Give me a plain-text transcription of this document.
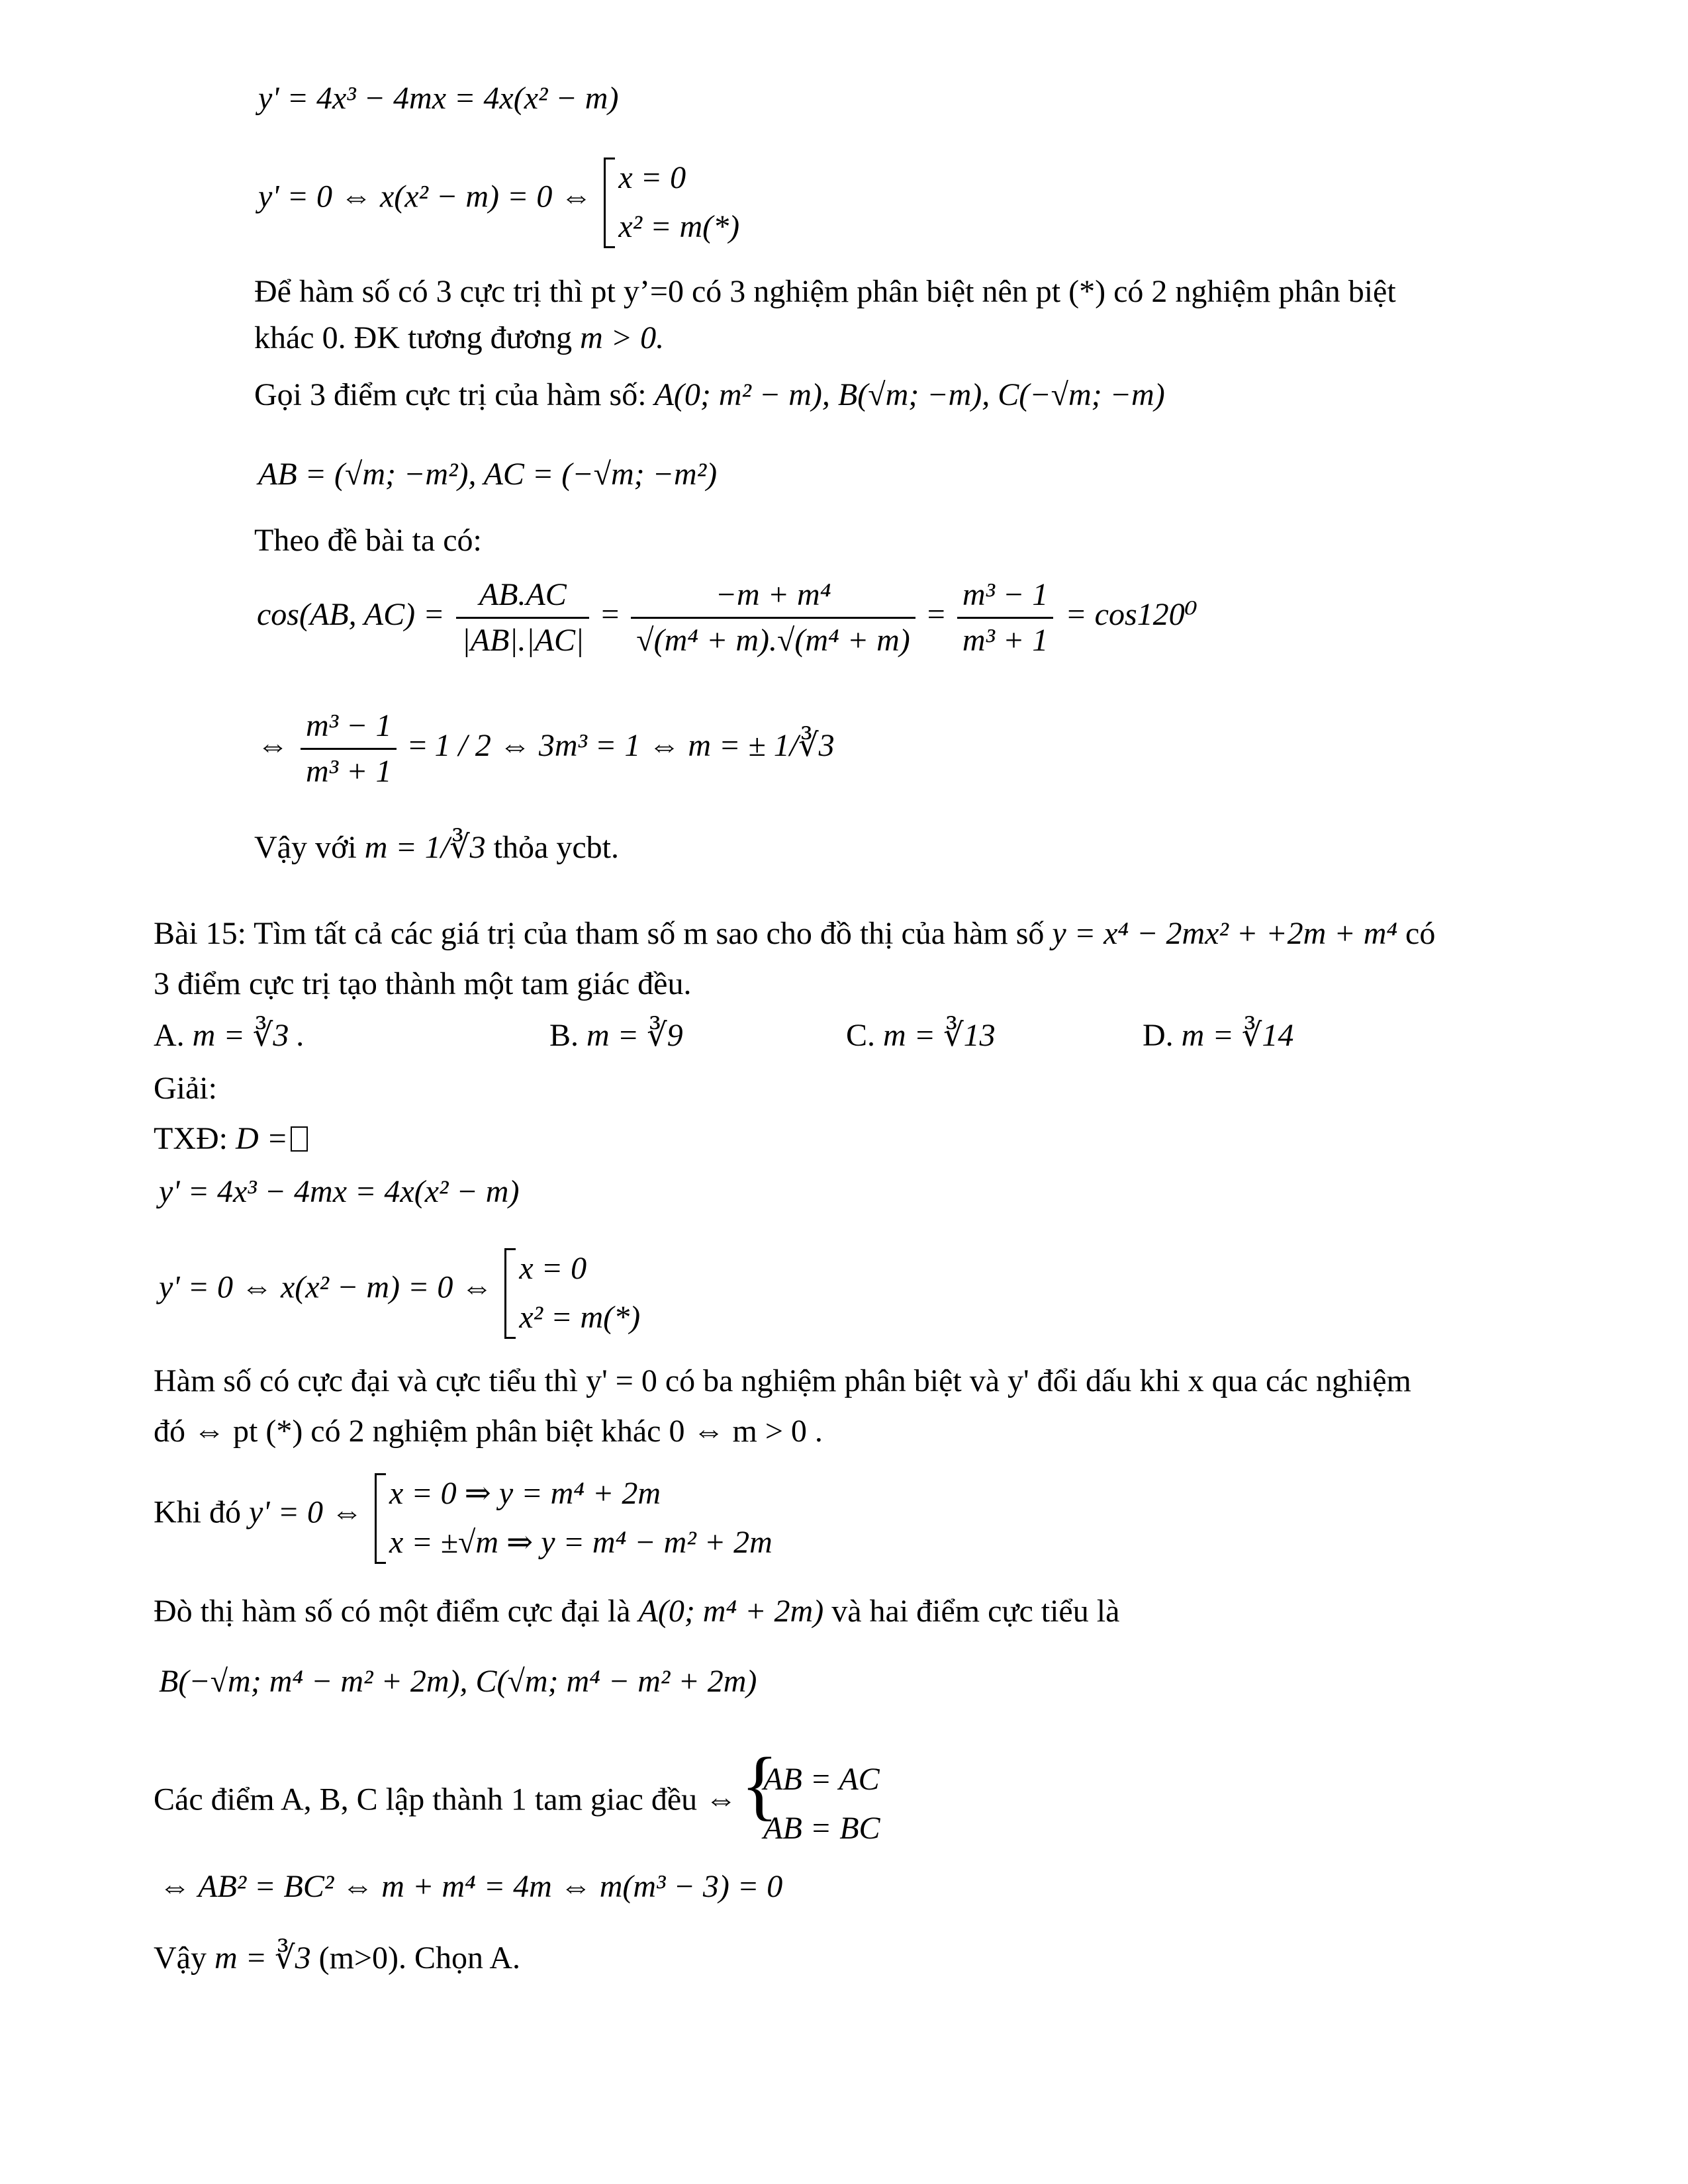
y' = 4x³ − 4mx = 4x(x² − m)
y' = 0 ⇔ x(x² − m) = 0 ⇔
x = 0
x² = m(*)
Để hàm số có 3 cực trị thì pt y’=0 có 3 nghiệm phân biệt nên pt (*) có 2 nghiệm phân biệt
khác 0. ĐK tương đương m > 0.
Gọi 3 điểm cực trị của hàm số: A(0; m² − m), B(√m; −m), C(−√m; −m)
AB = (√m; −m²), AC = (−√m; −m²)
Theo đề bài ta có:
cos(AB, $AC) = \frac{AB.AC}{|AB|.|AC|} = \frac{\text{−m + m⁴}}{\text{√(m⁴ + m).√(m⁴ + m)}} = \frac{\text{m³ − 1}}{\text{m³ + 1}} = \cos 120^0$
⇔ $\frac{\text{m³ − 1}}{\text{m³ + 1}} = 1 / 2$ ⇔ 3m³ = 1 ⇔ m = ± 1/∛3
Vậy với m = 1/∛3 thỏa ycbt.
Bài 15: Tìm tất cả các giá trị của tham số m sao cho đồ thị của hàm số y = x⁴ − 2mx² + +2m + m⁴ có
3 điểm cực trị tạo thành một tam giác đều.
A. m = ∛3 .	B. m = ∛9	C. m = ∛13	D. m = ∛14
Giải:
TXĐ: D =
y' = 4x³ − 4mx = 4x(x² − m)
y' = 0 ⇔ x(x² − m) = 0 ⇔
x = 0
x² = m(*)
Hàm số có cực đại và cực tiểu thì y' = 0 có ba nghiệm phân biệt và y' đổi dấu khi x qua các nghiệm
đó ⇔ pt (*) có 2 nghiệm phân biệt khác 0 ⇔ m > 0 .
Khi đó y' = 0 ⇔
x = 0 ⇒ y = m⁴ + 2m
x = ±√m ⇒ y = m⁴ − m² + 2m
Đò thị hàm số có một điểm cực đại là A(0; m⁴ + 2m) và hai điểm cực tiểu là
B(−√m; m⁴ − m² + 2m), C(√m; m⁴ − m² + 2m)
Các điểm A, B, C lập thành 1 tam giac đều ⇔
{ AB = AC
AB = BC
⇔ AB² = BC² ⇔ m + m⁴ = 4m ⇔ m(m³ − 3) = 0
Vậy m = ∛3 (m>0). Chọn A.
